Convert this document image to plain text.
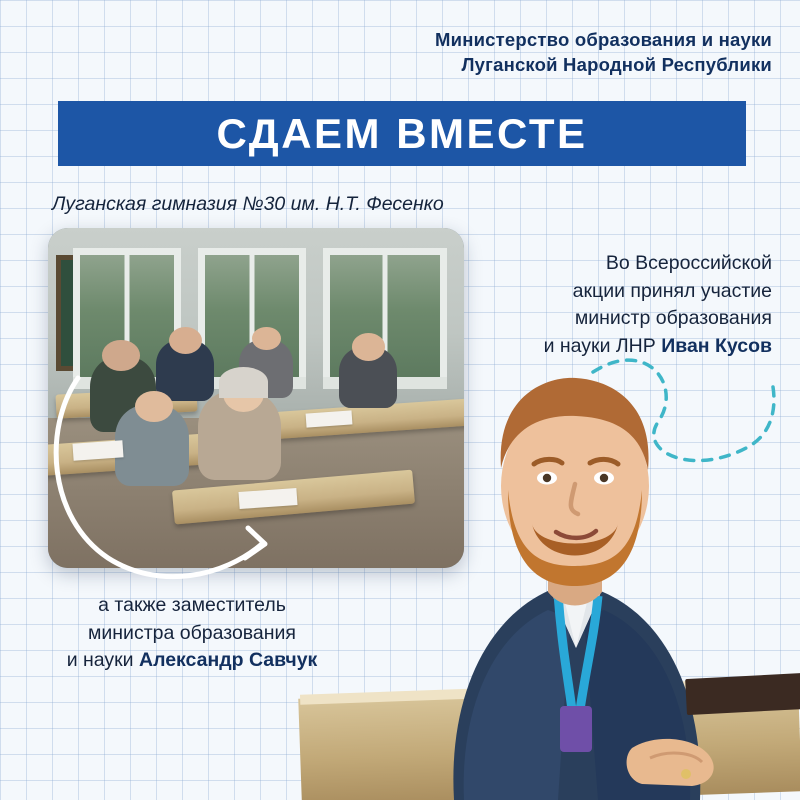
Министерство образования и науки
Луганской Народной Республики
СДАЕМ ВМЕСТЕ
Луганская гимназия №30 им. Н.Т. Фесенко
Во Всероссийской
акции принял участие
министр образования
и науки ЛНР Иван Кусов
а также заместитель
министра образования
и науки Александр Савчук
